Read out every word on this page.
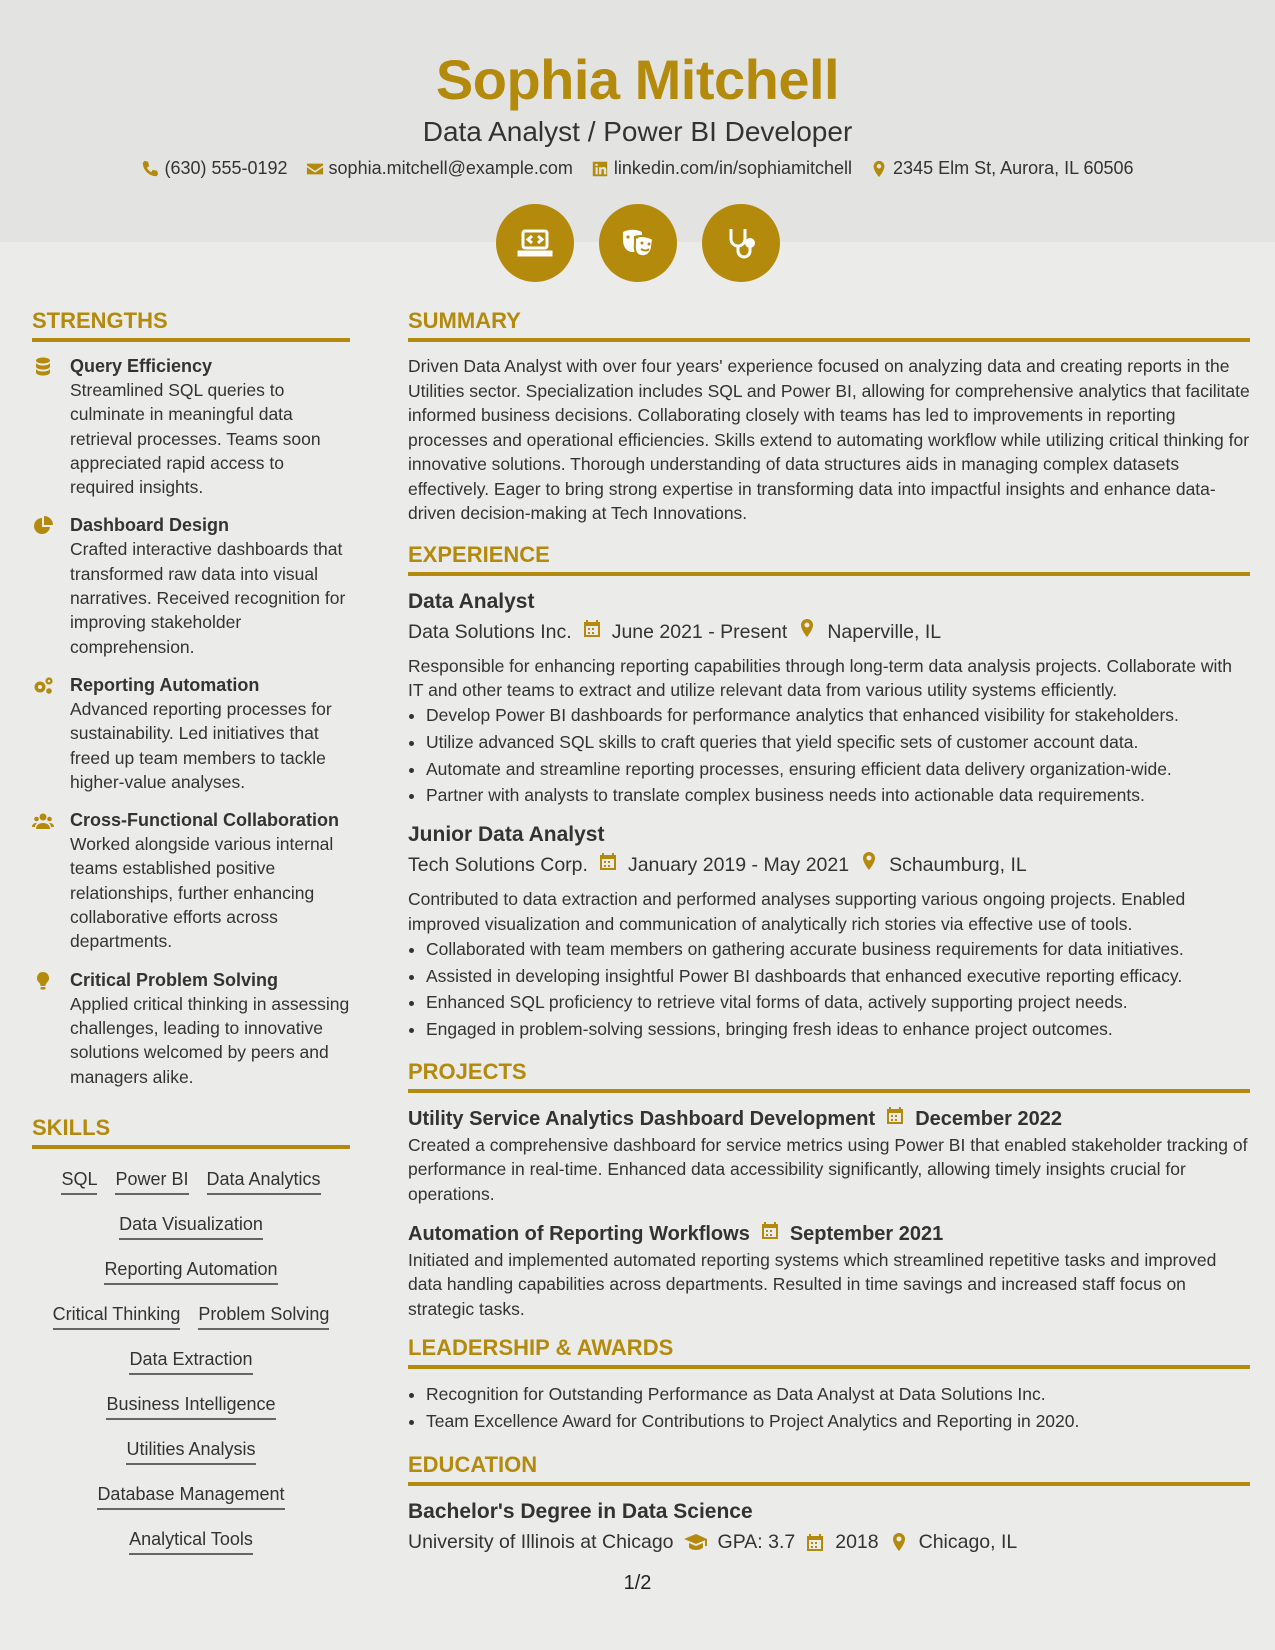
Sophia Mitchell
Data Analyst / Power BI Developer
(630) 555-0192 sophia.mitchell@example.com linkedin.com/in/sophiamitchell 2345 Elm St, Aurora, IL 60506
STRENGTHS
Query Efficiency

Streamlined SQL queries to culminate in meaningful data retrieval processes. Teams soon appreciated rapid access to required insights.

Dashboard Design

Crafted interactive dashboards that transformed raw data into visual narratives. Received recognition for improving stakeholder comprehension.

Reporting Automation

Advanced reporting processes for sustainability. Led initiatives that freed up team members to tackle higher-value analyses.

Cross-Functional Collaboration

Worked alongside various internal teams established positive relationships, further enhancing collaborative efforts across departments.

Critical Problem Solving

Applied critical thinking in assessing challenges, leading to innovative solutions welcomed by peers and managers alike.

SKILLS
SQL Power BI Data Analytics
Data Visualization
Reporting Automation
Critical Thinking Problem Solving
Data Extraction
Business Intelligence
Utilities Analysis
Database Management
Analytical Tools
SUMMARY

Driven Data Analyst with over four years' experience focused on analyzing data and creating reports in the Utilities sector. Specialization includes SQL and Power BI, allowing for comprehensive analytics that facilitate informed business decisions. Collaborating closely with teams has led to improvements in reporting processes and operational efficiencies. Skills extend to automating workflow while utilizing critical thinking for innovative solutions. Thorough understanding of data structures aids in managing complex datasets effectively. Eager to bring strong expertise in transforming data into impactful insights and enhance data-driven decision-making at Tech Innovations.

EXPERIENCE
Data Analyst
Data Solutions Inc. June 2021 - Present Naperville, IL

Responsible for enhancing reporting capabilities through long-term data analysis projects. Collaborate with IT and other teams to extract and utilize relevant data from various utility systems efficiently.

• Develop Power BI dashboards for performance analytics that enhanced visibility for stakeholders.
• Utilize advanced SQL skills to craft queries that yield specific sets of customer account data.
• Automate and streamline reporting processes, ensuring efficient data delivery organization-wide.
• Partner with analysts to translate complex business needs into actionable data requirements.
Junior Data Analyst
Tech Solutions Corp. January 2019 - May 2021 Schaumburg, IL

Contributed to data extraction and performed analyses supporting various ongoing projects. Enabled improved visualization and communication of analytically rich stories via effective use of tools.

• Collaborated with team members on gathering accurate business requirements for data initiatives.
• Assisted in developing insightful Power BI dashboards that enhanced executive reporting efficacy.
• Enhanced SQL proficiency to retrieve vital forms of data, actively supporting project needs.
• Engaged in problem-solving sessions, bringing fresh ideas to enhance project outcomes.
PROJECTS
Utility Service Analytics Dashboard Development December 2022

Created a comprehensive dashboard for service metrics using Power BI that enabled stakeholder tracking of performance in real-time. Enhanced data accessibility significantly, allowing timely insights crucial for operations.

Automation of Reporting Workflows September 2021

Initiated and implemented automated reporting systems which streamlined repetitive tasks and improved data handling capabilities across departments. Resulted in time savings and increased staff focus on strategic tasks.

LEADERSHIP & AWARDS
• Recognition for Outstanding Performance as Data Analyst at Data Solutions Inc.
• Team Excellence Award for Contributions to Project Analytics and Reporting in 2020.
EDUCATION
Bachelor's Degree in Data Science
University of Illinois at Chicago GPA: 3.7 2018 Chicago, IL
1/2
